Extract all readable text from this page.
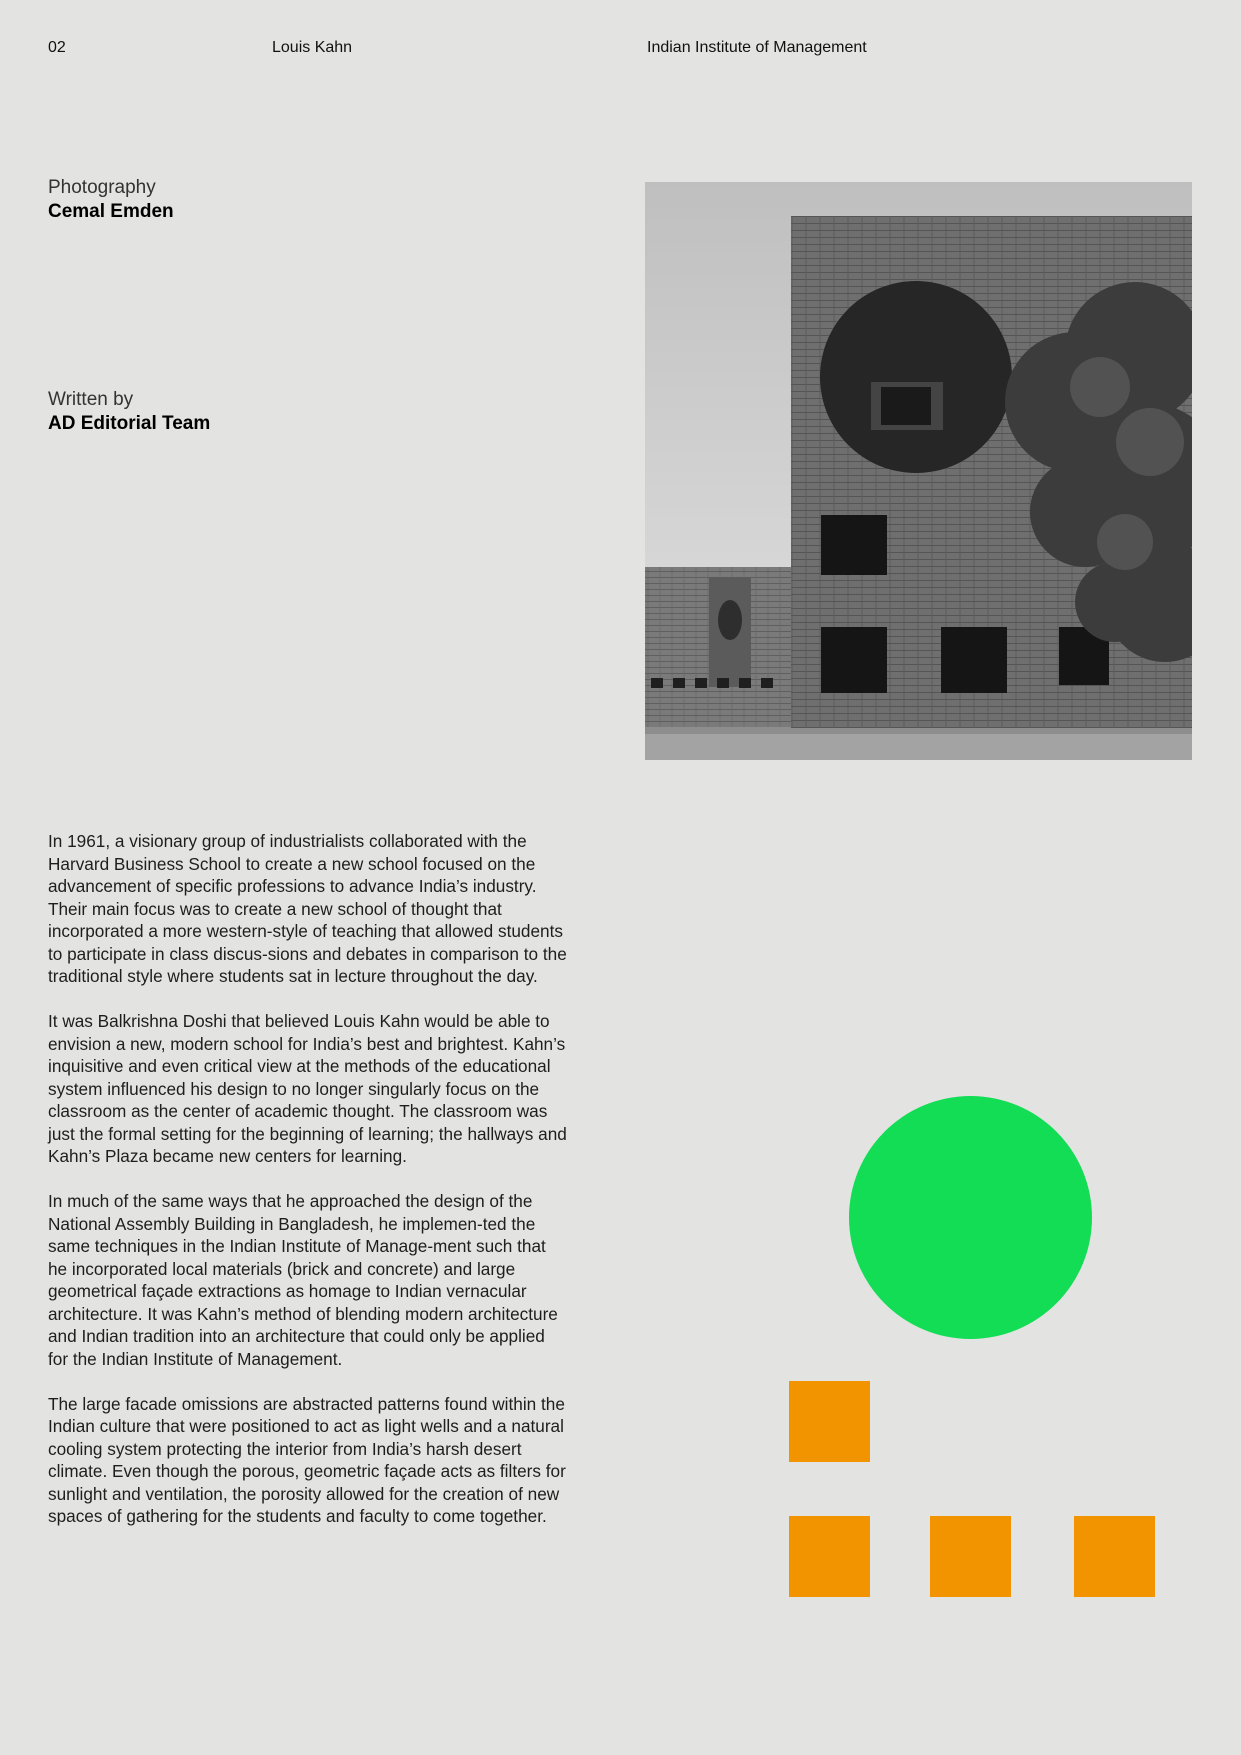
02	Louis Kahn	Indian Institute of Management
Photography
Cemal Emden
Written by
AD Editorial Team

In 1961, a visionary group of industrialists collaborated with the Harvard Business School to create a new school focused on the advancement of specific professions to advance India’s industry. Their main focus was to create a new school of thought that incorporated a more western-style of teaching that allowed students to participate in class discus-sions and debates in comparison to the traditional style where students sat in lecture throughout the day.

It was Balkrishna Doshi that believed Louis Kahn would be able to envision a new, modern school for India’s best and brightest. Kahn’s inquisitive and even critical view at the methods of the educational system influenced his design to no longer singularly focus on the classroom as the center of academic thought. The classroom was just the formal setting for the beginning of learning; the hallways and Kahn’s Plaza became new centers for learning.

In much of the same ways that he approached the design of the National Assembly Building in Bangladesh, he implemen-ted the same techniques in the Indian Institute of Manage-ment such that he incorporated local materials (brick and concrete) and large geometrical façade extractions as homage to Indian vernacular architecture. It was Kahn’s method of blending modern architecture and Indian tradition into an architecture that could only be applied for the Indian Institute of Management.

The large facade omissions are abstracted patterns found within the Indian culture that were positioned to act as light wells and a natural cooling system protecting the interior from India’s harsh desert climate. Even though the porous, geometric façade acts as filters for sunlight and ventilation, the porosity allowed for the creation of new spaces of gathering for the students and faculty to come together.
